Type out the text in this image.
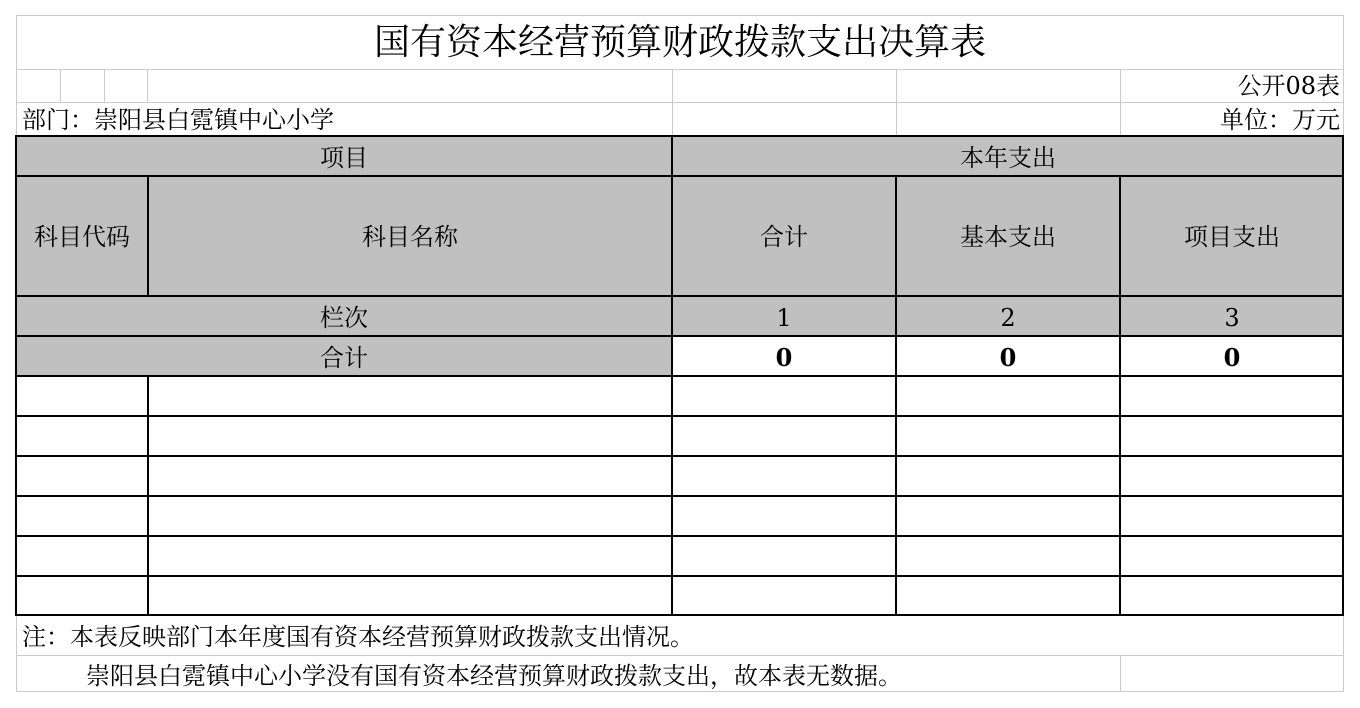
国有资本经营预算财政拨款支出决算表
公开08表
部门：崇阳县白霓镇中心小学	单位：万元
项目	本年支出
科目代码	科目名称	合计	基本支出	项目支出
栏次	1	2	3
合计	0	0	0
注：本表反映部门本年度国有资本经营预算财政拨款支出情况。
崇阳县白霓镇中心小学没有国有资本经营预算财政拨款支出，故本表无数据。
